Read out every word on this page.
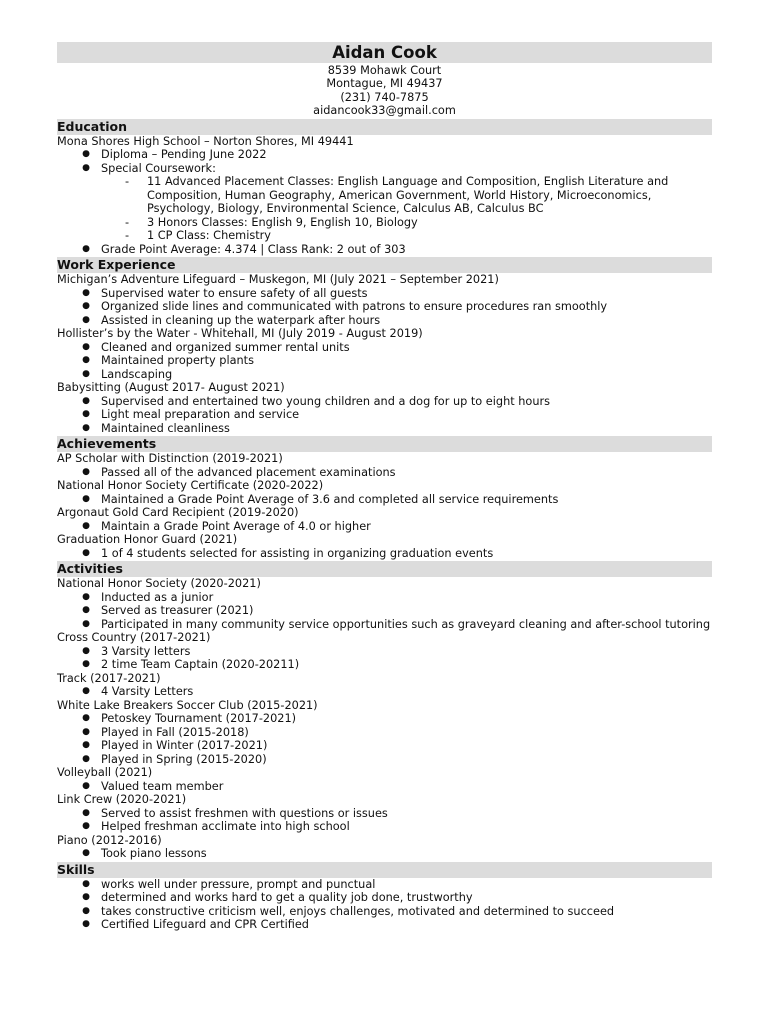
Aidan Cook
8539 Mohawk Court
Montague, MI 49437
(231) 740-7875
aidancook33@gmail.com
Education
Mona Shores High School – Norton Shores, MI 49441
● Diploma – Pending June 2022
● Special Coursework:
- 11 Advanced Placement Classes: English Language and Composition, English Literature and Composition, Human Geography, American Government, World History, Microeconomics, Psychology, Biology, Environmental Science, Calculus AB, Calculus BC
- 3 Honors Classes: English 9, English 10, Biology
- 1 CP Class: Chemistry
● Grade Point Average: 4.374 | Class Rank: 2 out of 303
Work Experience
Michigan’s Adventure Lifeguard – Muskegon, MI (July 2021 – September 2021)
● Supervised water to ensure safety of all guests
● Organized slide lines and communicated with patrons to ensure procedures ran smoothly
● Assisted in cleaning up the waterpark after hours
Hollister’s by the Water - Whitehall, MI (July 2019 - August 2019)
● Cleaned and organized summer rental units
● Maintained property plants
● Landscaping
Babysitting (August 2017- August 2021)
● Supervised and entertained two young children and a dog for up to eight hours
● Light meal preparation and service
● Maintained cleanliness
Achievements
AP Scholar with Distinction (2019-2021)
● Passed all of the advanced placement examinations
National Honor Society Certificate (2020-2022)
● Maintained a Grade Point Average of 3.6 and completed all service requirements
Argonaut Gold Card Recipient (2019-2020)
● Maintain a Grade Point Average of 4.0 or higher
Graduation Honor Guard (2021)
● 1 of 4 students selected for assisting in organizing graduation events
Activities
National Honor Society (2020-2021)
● Inducted as a junior
● Served as treasurer (2021)
● Participated in many community service opportunities such as graveyard cleaning and after-school tutoring
Cross Country (2017-2021)
● 3 Varsity letters
● 2 time Team Captain (2020-20211)
Track (2017-2021)
● 4 Varsity Letters
White Lake Breakers Soccer Club (2015-2021)
● Petoskey Tournament (2017-2021)
● Played in Fall (2015-2018)
● Played in Winter (2017-2021)
● Played in Spring (2015-2020)
Volleyball (2021)
● Valued team member
Link Crew (2020-2021)
● Served to assist freshmen with questions or issues
● Helped freshman acclimate into high school
Piano (2012-2016)
● Took piano lessons
Skills
● works well under pressure, prompt and punctual
● determined and works hard to get a quality job done, trustworthy
● takes constructive criticism well, enjoys challenges, motivated and determined to succeed
● Certified Lifeguard and CPR Certified
